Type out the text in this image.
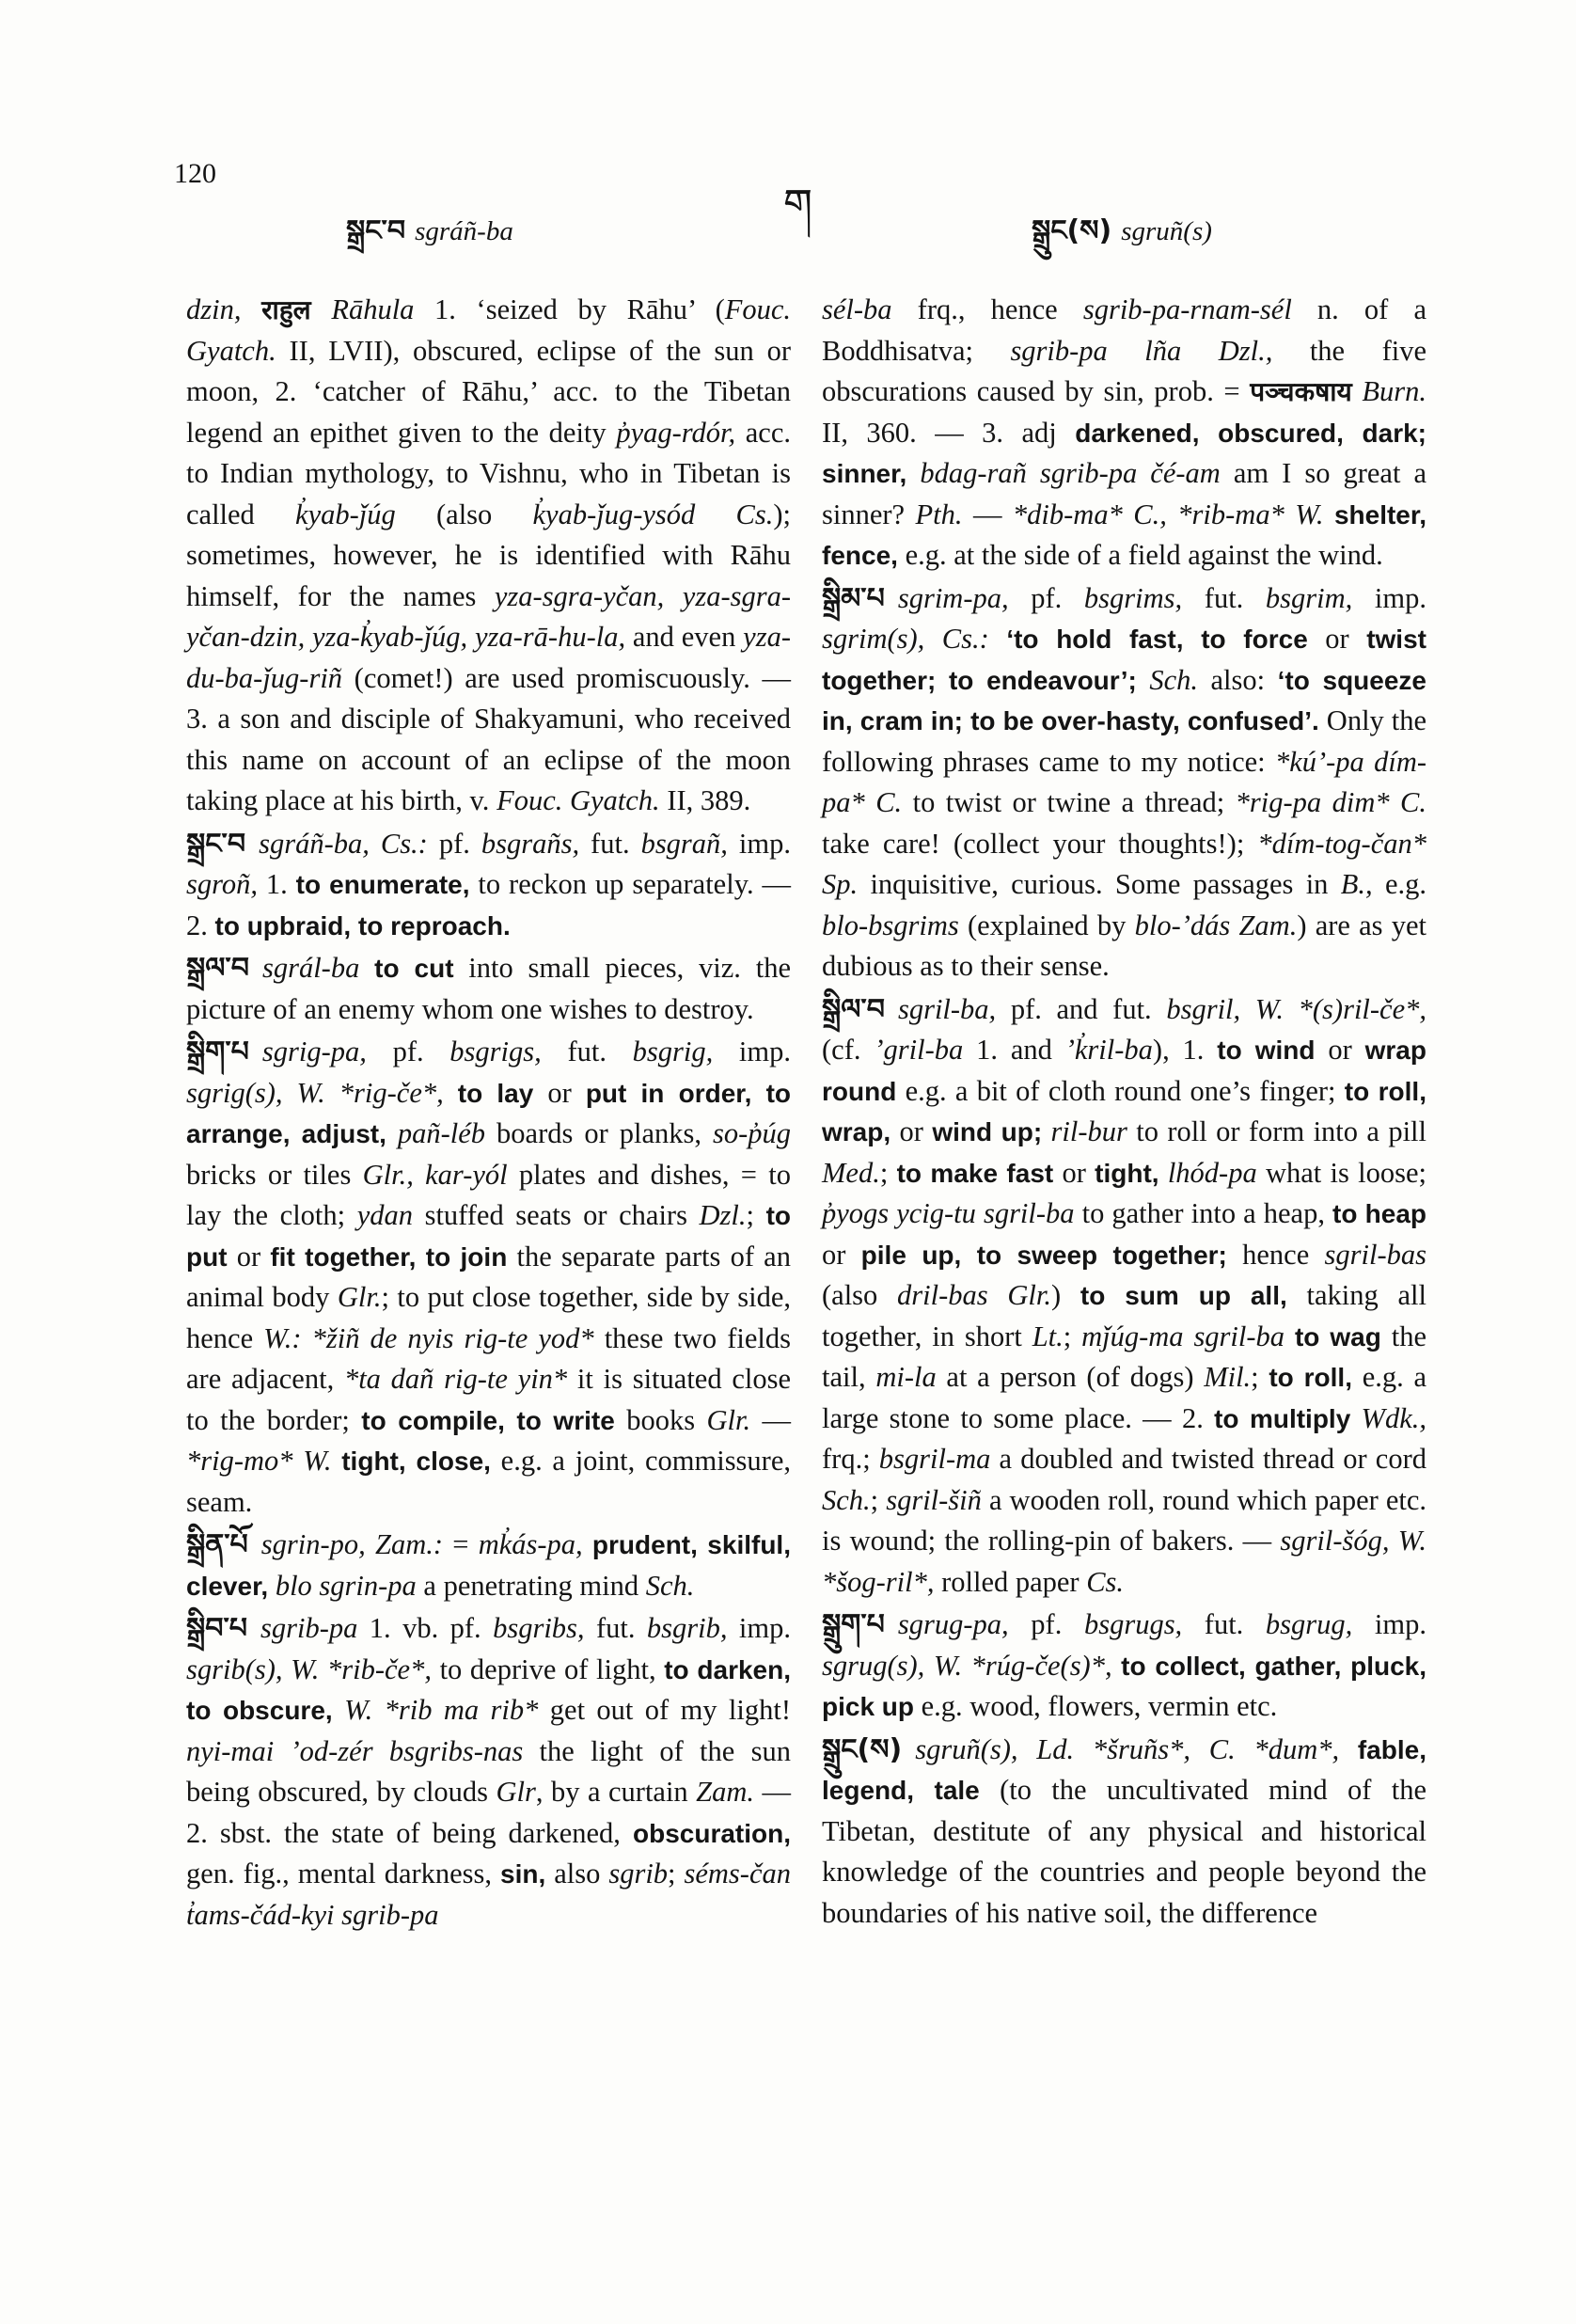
120
སྒྲང་བ sgráñ-ba
ག
སྒྲུང(ས) sgruñ(s)

dzin, राहुल Rāhula 1. ‘seized by Rāhu’ (Fouc. Gyatch. II, LVII), obscured, eclipse of the sun or moon, 2. ‘catcher of Rāhu,’ acc. to the Tibetan legend an epithet given to the deity p̓yag-rdór, acc. to Indian mythology, to Vishnu, who in Tibetan is called k̓yab-ǰúg (also k̓yab-ǰug-ysód Cs.); sometimes, however, he is identified with Rāhu himself, for the names yza-sgra-yčan, yza-sgra-yčan-dzin, yza-k̓yab-ǰúg, yza-rā-hu-la, and even yza-du-ba-ǰug-riñ (comet!) are used promiscuously. — 3. a son and disciple of Shakyamuni, who received this name on account of an eclipse of the moon taking place at his birth, v. Fouc. Gyatch. II, 389.

སྒྲང་བ sgráñ-ba, Cs.: pf. bsgrañs, fut. bsgrañ, imp. sgroñ, 1. to enumerate, to reckon up separately. — 2. to upbraid, to reproach.

སྒྲལ་བ sgrál-ba to cut into small pieces, viz. the picture of an enemy whom one wishes to destroy.

སྒྲིག་པ sgrig-pa, pf. bsgrigs, fut. bsgrig, imp. sgrig(s), W. *rig-če*, to lay or put in order, to arrange, adjust, pañ-léb boards or planks, so-p̓úg bricks or tiles Glr., kar-yól plates and dishes, = to lay the cloth; ydan stuffed seats or chairs Dzl.; to put or fit together, to join the separate parts of an animal body Glr.; to put close together, side by side, hence W.: *žiñ de nyis rig-te yod* these two fields are adjacent, *ta dañ rig-te yin* it is situated close to the border; to compile, to write books Glr. — *rig-mo* W. tight, close, e.g. a joint, commissure, seam.

སྒྲིན་པོ sgrin-po, Zam.: = mk̓ás-pa, prudent, skilful, clever, blo sgrin-pa a penetrating mind Sch.

སྒྲིབ་པ sgrib-pa 1. vb. pf. bsgribs, fut. bsgrib, imp. sgrib(s), W. *rib-če*, to deprive of light, to darken, to obscure, W. *rib ma rib* get out of my light! nyi-mai ʼod-zér bsgribs-nas the light of the sun being obscured, by clouds Glr, by a curtain Zam. — 2. sbst. the state of being darkened, obscuration, gen. fig., mental darkness, sin, also sgrib; séms-čan t̓ams-čád-kyi sgrib-pa

sél-ba frq., hence sgrib-pa-rnam-sél n. of a Boddhisatva; sgrib-pa lña Dzl., the five obscurations caused by sin, prob. = पञ्चकषाय Burn. II, 360. — 3. adj darkened, obscured, dark; sinner, bdag-rañ sgrib-pa čé-am am I so great a sinner? Pth. — *dib-ma* C., *rib-ma* W. shelter, fence, e.g. at the side of a field against the wind.

སྒྲིམ་པ sgrim-pa, pf. bsgrims, fut. bsgrim, imp. sgrim(s), Cs.: ‘to hold fast, to force or twist together; to endeavour’; Sch. also: ‘to squeeze in, cram in; to be over-hasty, confused’. Only the following phrases came to my notice: *kú’-pa dím-pa* C. to twist or twine a thread; *rig-pa dim* C. take care! (collect your thoughts!); *dím-tog-čan* Sp. inquisitive, curious. Some passages in B., e.g. blo-bsgrims (explained by blo-ʼdás Zam.) are as yet dubious as to their sense.

སྒྲིལ་བ sgril-ba, pf. and fut. bsgril, W. *(s)ril-če*, (cf. ʼgril-ba 1. and ʼk̓ril-ba), 1. to wind or wrap round e.g. a bit of cloth round one’s finger; to roll, wrap, or wind up; ril-bur to roll or form into a pill Med.; to make fast or tight, lhód-pa what is loose; p̓yogs ycig-tu sgril-ba to gather into a heap, to heap or pile up, to sweep together; hence sgril-bas (also dril-bas Glr.) to sum up all, taking all together, in short Lt.; mǰúg-ma sgril-ba to wag the tail, mi-la at a person (of dogs) Mil.; to roll, e.g. a large stone to some place. — 2. to multiply Wdk., frq.; bsgril-ma a doubled and twisted thread or cord Sch.; sgril-šiñ a wooden roll, round which paper etc. is wound; the rolling-pin of bakers. — sgril-šóg, W. *šog-ril*, rolled paper Cs.

སྒྲུག་པ sgrug-pa, pf. bsgrugs, fut. bsgrug, imp. sgrug(s), W. *rúg-če(s)*, to collect, gather, pluck, pick up e.g. wood, flowers, vermin etc.

སྒྲུང(ས) sgruñ(s), Ld. *šruñs*, C. *dum*, fable, legend, tale (to the uncultivated mind of the Tibetan, destitute of any physical and historical knowledge of the countries and people beyond the boundaries of his native soil, the difference
